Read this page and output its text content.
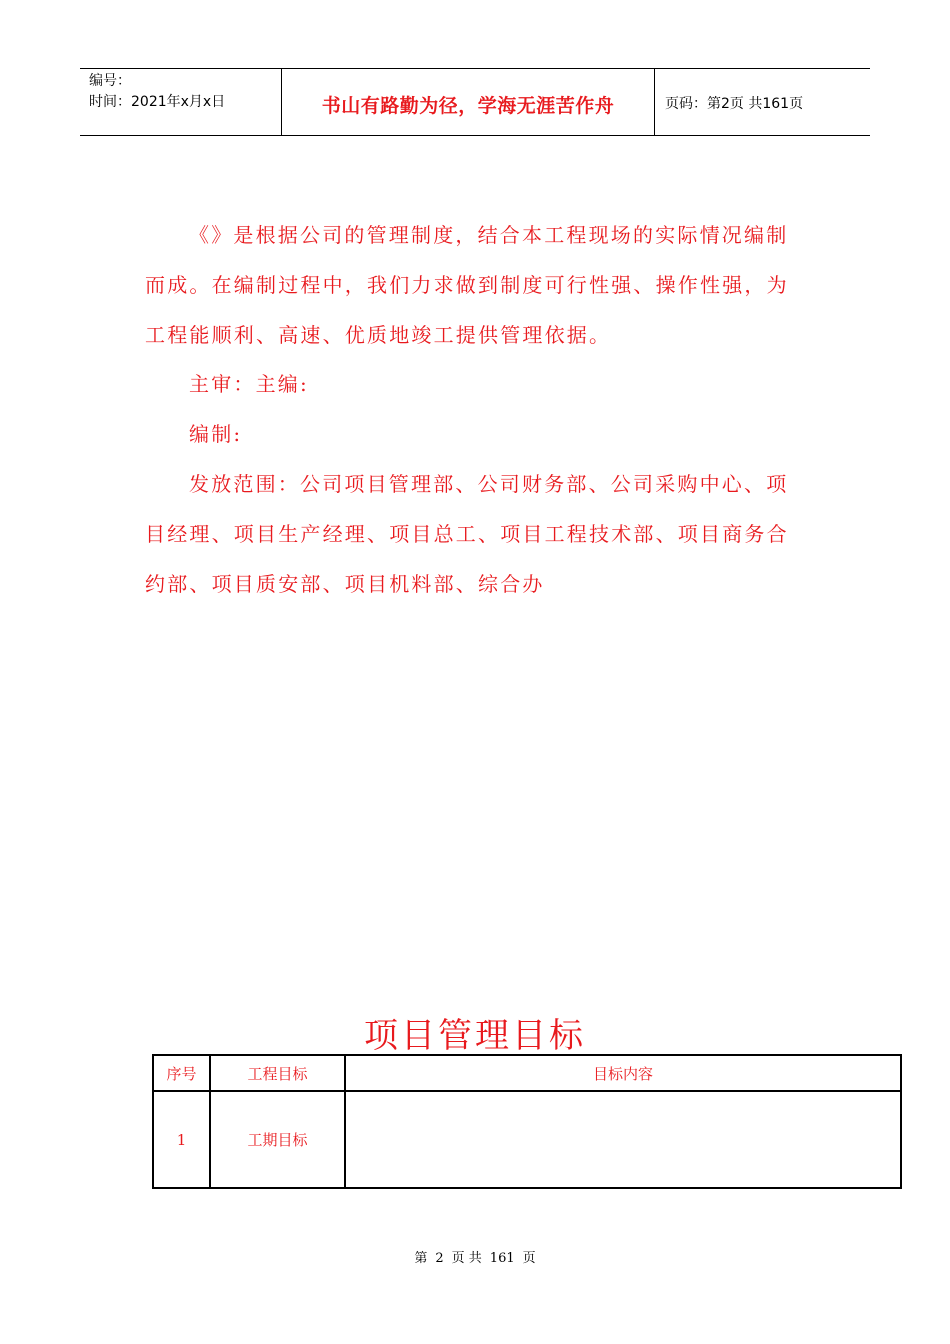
编号：
时间：2021年x月x日	书山有路勤为径，学海无涯苦作舟	页码：第2页 共161页
《》是根据公司的管理制度，结合本工程现场的实际情况编制而成。在编制过程中，我们力求做到制度可行性强、操作性强，为工程能顺利、高速、优质地竣工提供管理依据。
主审：主编:
编制:
发放范围：公司项目管理部、公司财务部、公司采购中心、项目经理、项目生产经理、项目总工、项目工程技术部、项目商务合约部、项目质安部、项目机料部、综合办
项目管理目标
序号	工程目标	目标内容
1	工期目标	
第 2 页 共 161 页
